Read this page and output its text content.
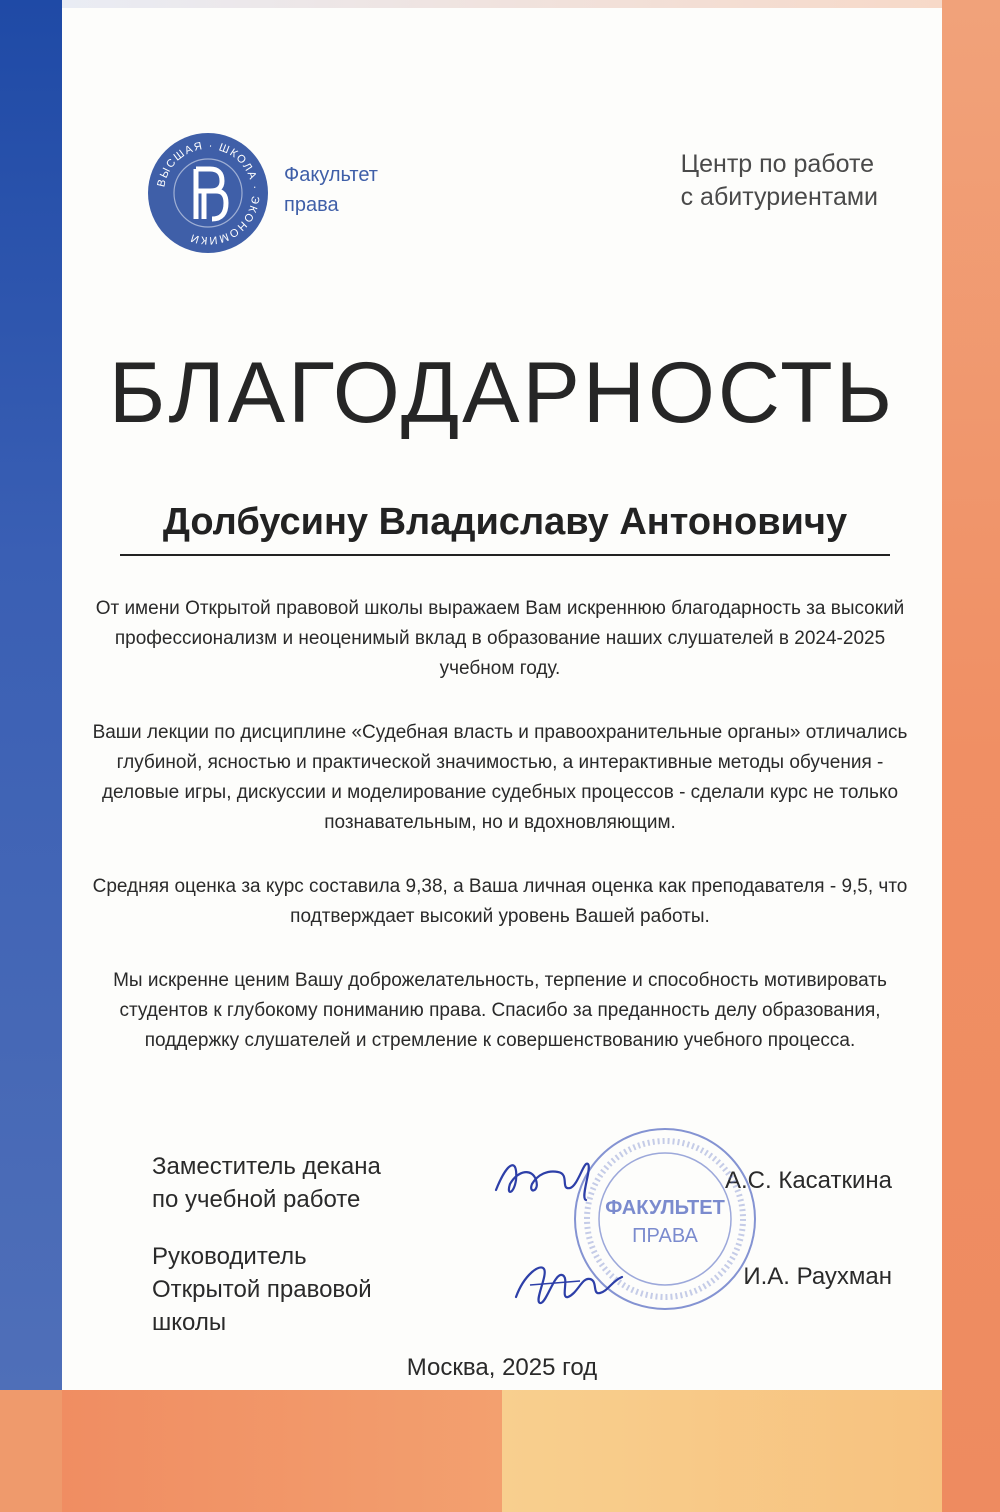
ВЫСШАЯ · ШКОЛА · ЭКОНОМИКИ
Факультет
права
Центр по работе
с абитуриентами
БЛАГОДАРНОСТЬ
Долбусину Владиславу Антоновичу

От имени Открытой правовой школы выражаем Вам искреннюю благодарность за высокий профессионализм и неоценимый вклад в образование наших слушателей в 2024-2025 учебном году.

Ваши лекции по дисциплине «Судебная власть и правоохранительные органы» отличались глубиной, ясностью и практической значимостью, а интерактивные методы обучения - деловые игры, дискуссии и моделирование судебных процессов - сделали курс не только познавательным, но и вдохновляющим.

Средняя оценка за курс составила 9,38, а Ваша личная оценка как преподавателя - 9,5, что подтверждает высокий уровень Вашей работы.

Мы искренне ценим Вашу доброжелательность, терпение и способность мотивировать студентов к глубокому пониманию права. Спасибо за преданность делу образования, поддержку слушателей и стремление к совершенствованию учебного процесса.

Заместитель декана
по учебной работе
А.С. Касаткина
Руководитель
Открытой правовой
школы
И.А. Раухман
ФАКУЛЬТЕТ
ПРАВА
Москва, 2025 год
